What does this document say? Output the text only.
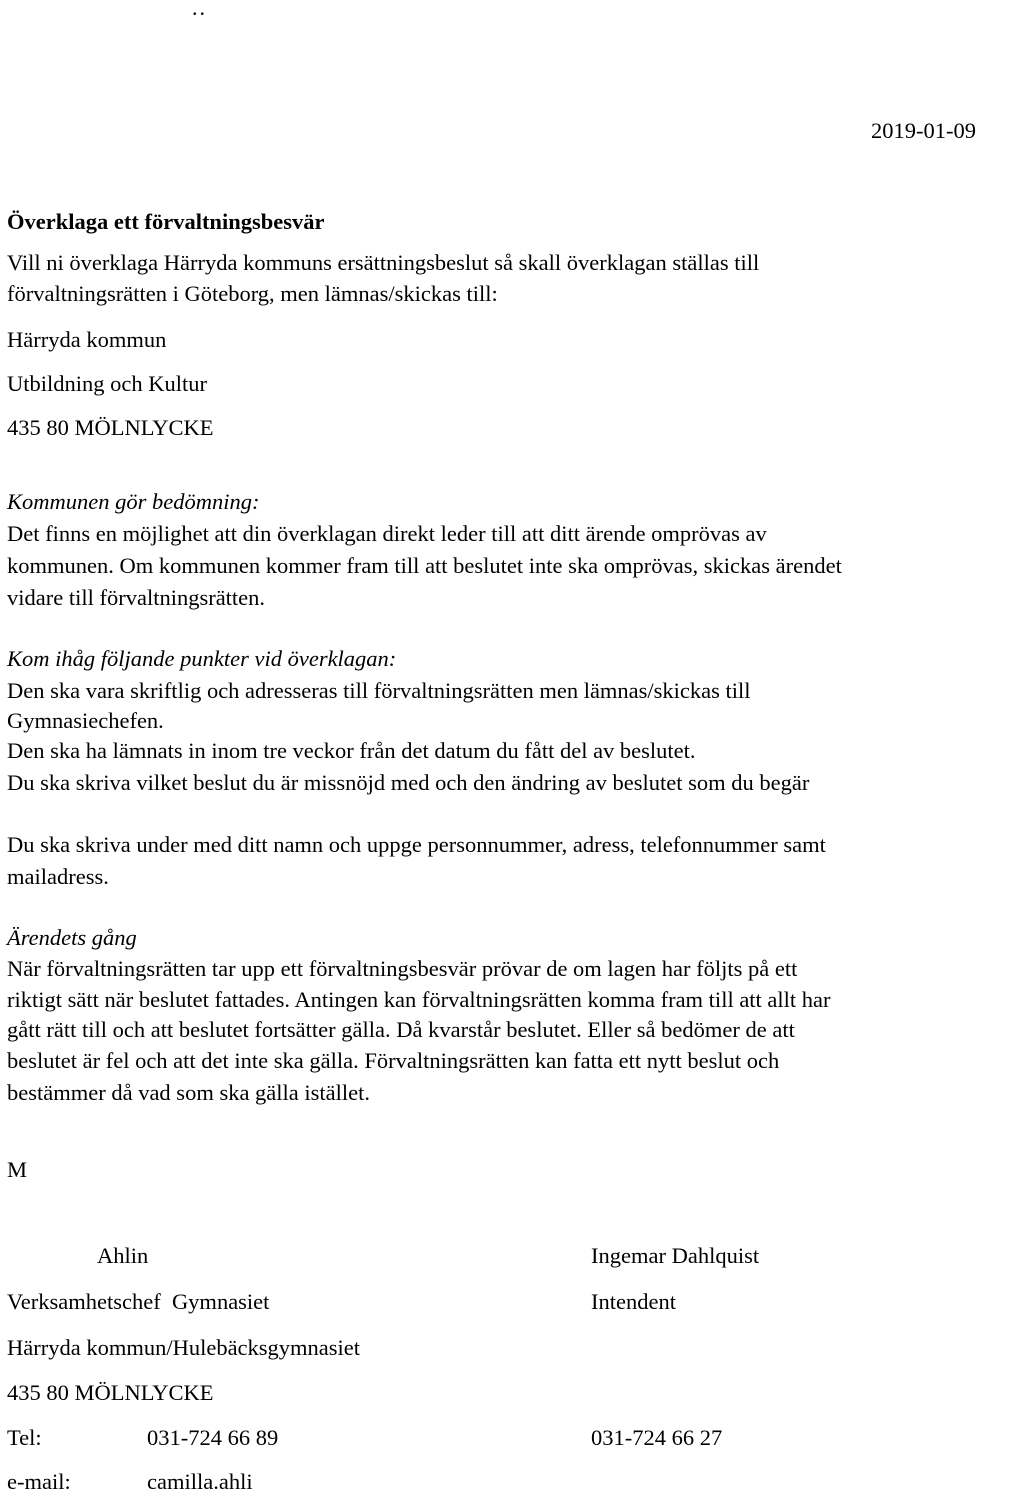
..
2019-01-09
Överklaga ett förvaltningsbesvär
Vill ni överklaga Härryda kommuns ersättningsbeslut så skall överklagan ställas till
förvaltningsrätten i Göteborg, men lämnas/skickas till:
Härryda kommun
Utbildning och Kultur
435 80 MÖLNLYCKE
Kommunen gör bedömning:
Det finns en möjlighet att din överklagan direkt leder till att ditt ärende omprövas av
kommunen. Om kommunen kommer fram till att beslutet inte ska omprövas, skickas ärendet
vidare till förvaltningsrätten.
Kom ihåg följande punkter vid överklagan:
Den ska vara skriftlig och adresseras till förvaltningsrätten men lämnas/skickas till
Gymnasiechefen.
Den ska ha lämnats in inom tre veckor från det datum du fått del av beslutet.
Du ska skriva vilket beslut du är missnöjd med och den ändring av beslutet som du begär
Du ska skriva under med ditt namn och uppge personnummer, adress, telefonnummer samt
mailadress.
Ärendets gång
När förvaltningsrätten tar upp ett förvaltningsbesvär prövar de om lagen har följts på ett
riktigt sätt när beslutet fattades. Antingen kan förvaltningsrätten komma fram till att allt har
gått rätt till och att beslutet fortsätter gälla. Då kvarstår beslutet. Eller så bedömer de att
beslutet är fel och att det inte ska gälla. Förvaltningsrätten kan fatta ett nytt beslut och
bestämmer då vad som ska gälla istället.
M
Ahlin
Verksamhetschef  Gymnasiet
Härryda kommun/Hulebäcksgymnasiet
435 80 MÖLNLYCKE
Tel:	031-724 66 89
e-mail:	camilla.ahli
Ingemar Dahlquist
Intendent
031-724 66 27
